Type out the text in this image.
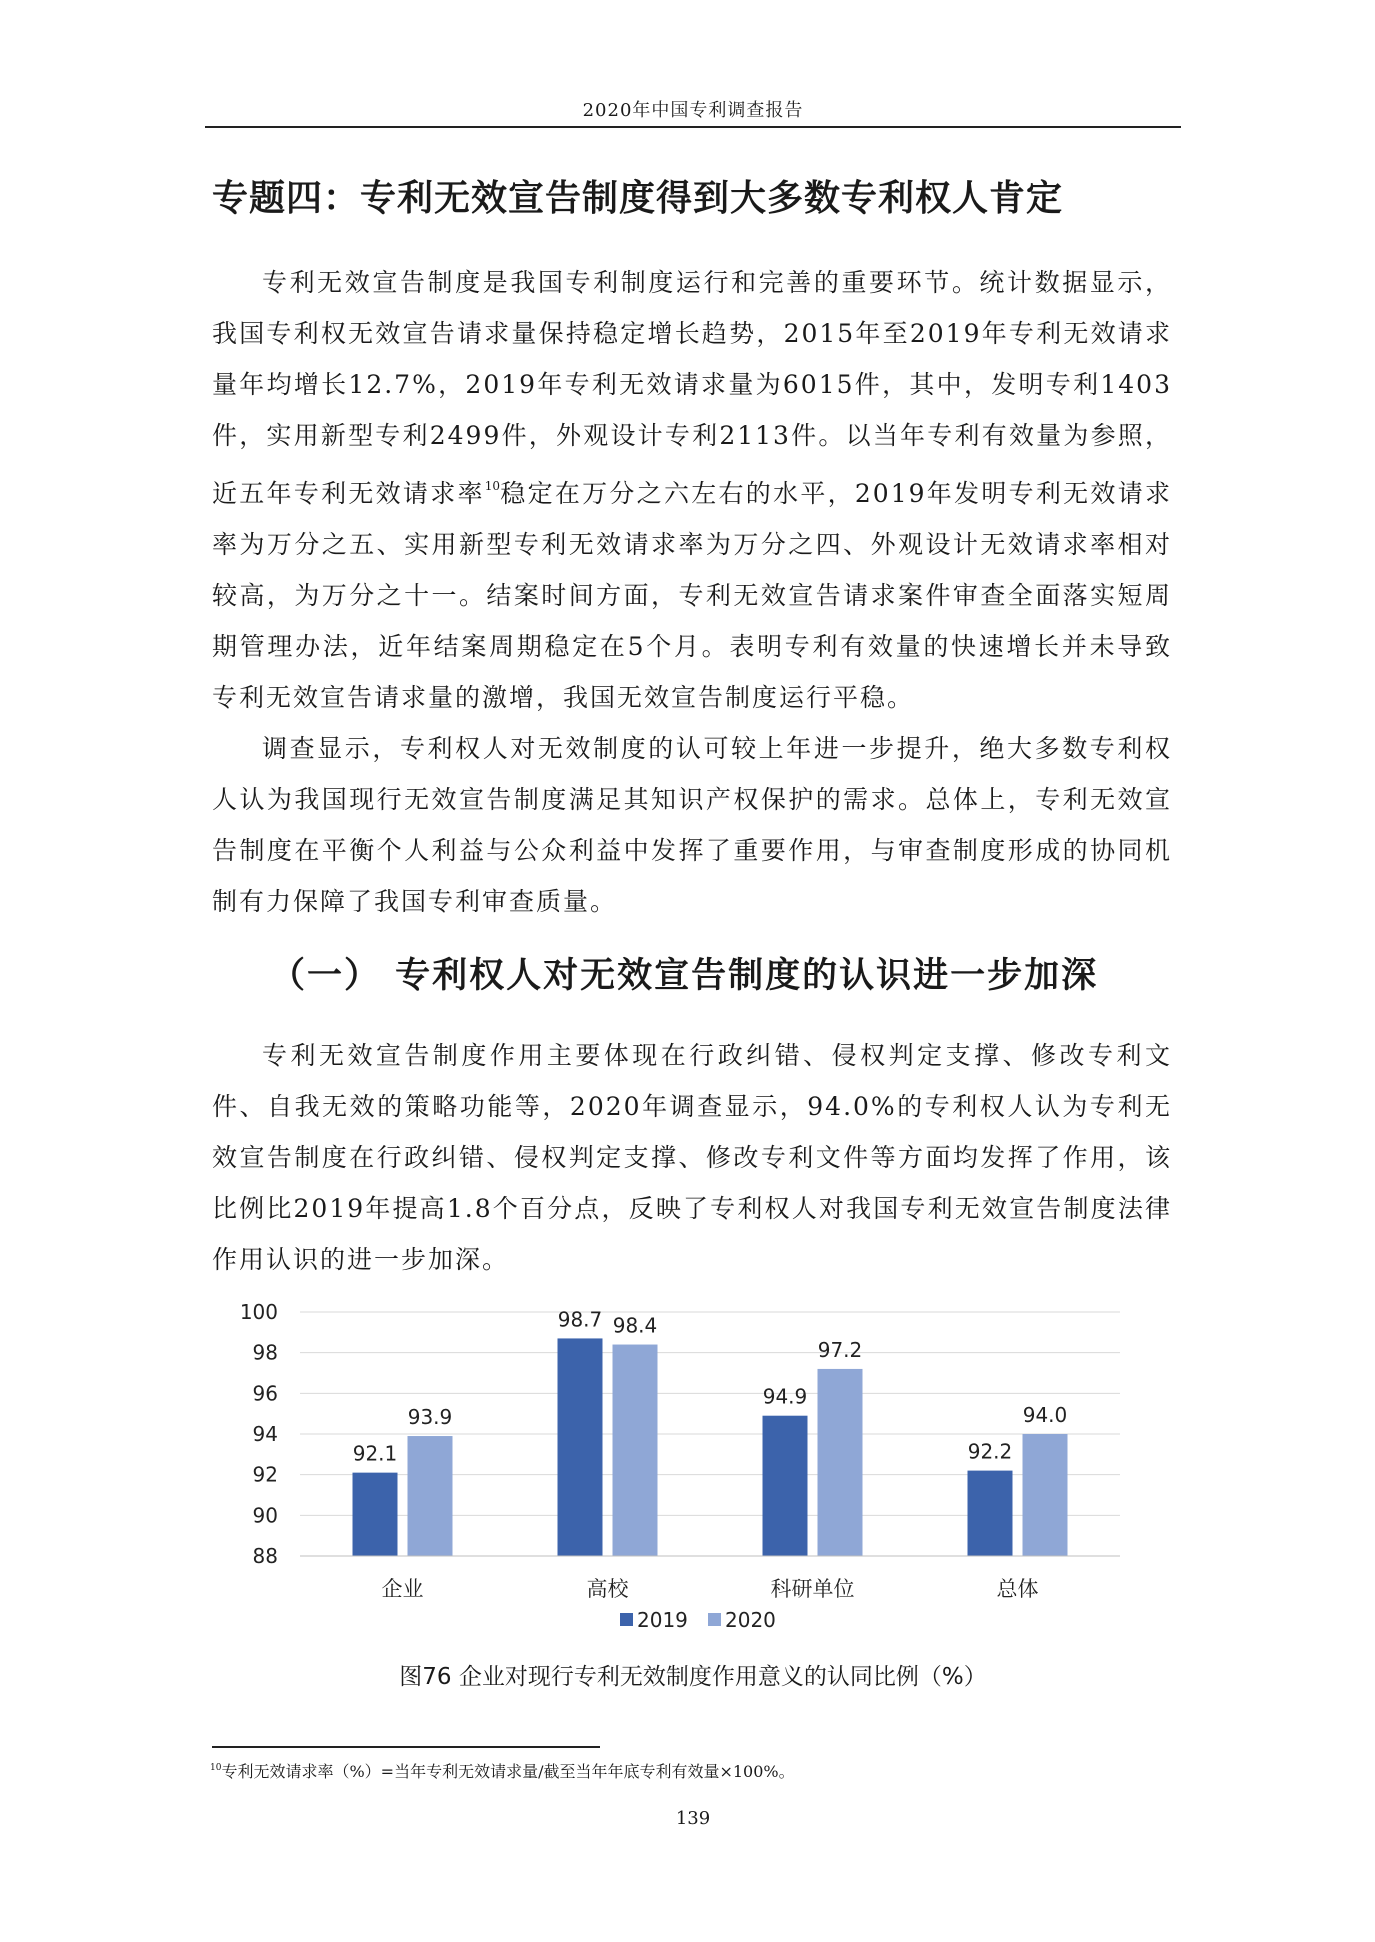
2020年中国专利调查报告
专题四：专利无效宣告制度得到大多数专利权人肯定

专利无效宣告制度是我国专利制度运行和完善的重要环节。统计数据显示，我国专利权无效宣告请求量保持稳定增长趋势，2015年至2019年专利无效请求量年均增长12.7%，2019年专利无效请求量为6015件，其中，发明专利1403件，实用新型专利2499件，外观设计专利2113件。以当年专利有效量为参照，近五年专利无效请求率$^{10}$稳定在万分之六左右的水平，2019年发明专利无效请求率为万分之五、实用新型专利无效请求率为万分之四、外观设计无效请求率相对较高，为万分之十一。结案时间方面，专利无效宣告请求案件审查全面落实短周期管理办法，近年结案周期稳定在5个月。表明专利有效量的快速增长并未导致专利无效宣告请求量的激增，我国无效宣告制度运行平稳。

调查显示，专利权人对无效制度的认可较上年进一步提升，绝大多数专利权人认为我国现行无效宣告制度满足其知识产权保护的需求。总体上，专利无效宣告制度在平衡个人利益与公众利益中发挥了重要作用，与审查制度形成的协同机制有力保障了我国专利审查质量。

（一） 专利权人对无效宣告制度的认识进一步加深

专利无效宣告制度作用主要体现在行政纠错、侵权判定支撑、修改专利文件、自我无效的策略功能等，2020年调查显示，94.0%的专利权人认为专利无效宣告制度在行政纠错、侵权判定支撑、修改专利文件等方面均发挥了作用，该比例比2019年提高1.8个百分点，反映了专利权人对我国专利无效宣告制度法律作用认识的进一步加深。

88
90
92
94
96
98
100
92.1
93.9
企业
98.7 98.4
高校
94.9
97.2
科研单位
92.2
94.0
总体
2019 2020
图76 企业对现行专利无效制度作用意义的认同比例（%）
$^{10}$专利无效请求率（%）=当年专利无效请求量/截至当年年底专利有效量×100%。
139
